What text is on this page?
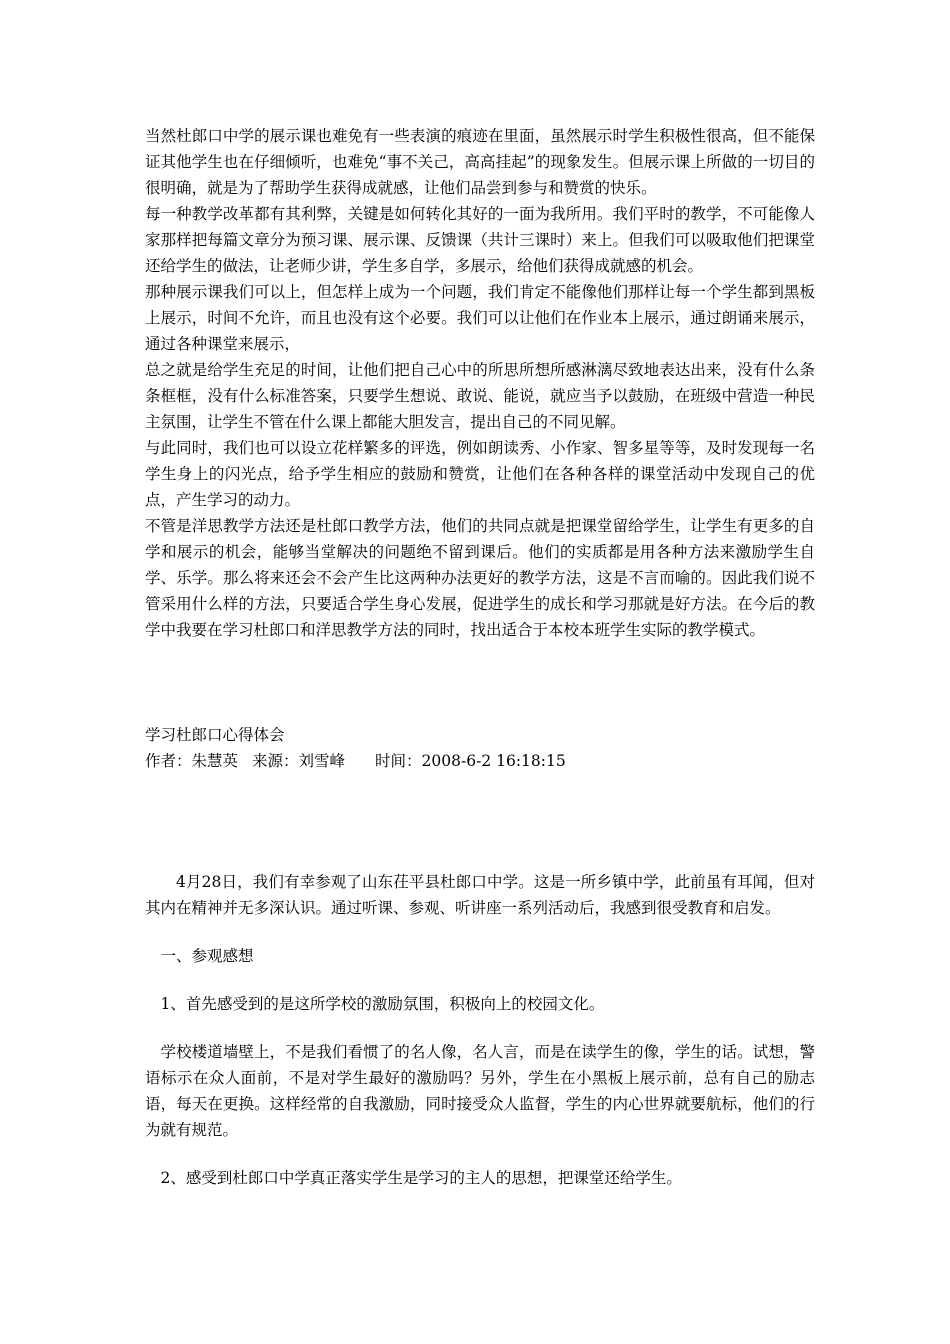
当然杜郎口中学的展示课也难免有一些表演的痕迹在里面，虽然展示时学生积极性很高，但不能保证其他学生也在仔细倾听，也难免“事不关己，高高挂起”的现象发生。但展示课上所做的一切目的很明确，就是为了帮助学生获得成就感，让他们品尝到参与和赞赏的快乐。

每一种教学改革都有其利弊，关键是如何转化其好的一面为我所用。我们平时的教学，不可能像人家那样把每篇文章分为预习课、展示课、反馈课（共计三课时）来上。但我们可以吸取他们把课堂还给学生的做法，让老师少讲，学生多自学，多展示，给他们获得成就感的机会。

那种展示课我们可以上，但怎样上成为一个问题，我们肯定不能像他们那样让每一个学生都到黑板上展示，时间不允许，而且也没有这个必要。我们可以让他们在作业本上展示，通过朗诵来展示，通过各种课堂来展示，

总之就是给学生充足的时间，让他们把自己心中的所思所想所感淋漓尽致地表达出来，没有什么条条框框，没有什么标准答案，只要学生想说、敢说、能说，就应当予以鼓励，在班级中营造一种民主氛围，让学生不管在什么课上都能大胆发言，提出自己的不同见解。

与此同时，我们也可以设立花样繁多的评选，例如朗读秀、小作家、智多星等等，及时发现每一名学生身上的闪光点，给予学生相应的鼓励和赞赏，让他们在各种各样的课堂活动中发现自己的优点，产生学习的动力。

不管是洋思教学方法还是杜郎口教学方法，他们的共同点就是把课堂留给学生，让学生有更多的自学和展示的机会，能够当堂解决的问题绝不留到课后。他们的实质都是用各种方法来激励学生自学、乐学。那么将来还会不会产生比这两种办法更好的教学方法，这是不言而喻的。因此我们说不管采用什么样的方法，只要适合学生身心发展，促进学生的成长和学习那就是好方法。在今后的教学中我要在学习杜郎口和洋思教学方法的同时，找出适合于本校本班学生实际的教学模式。

学习杜郎口心得体会

作者：朱慧英 来源：刘雪峰 时间：2008-6-2 16:18:15

4月28日，我们有幸参观了山东茌平县杜郎口中学。这是一所乡镇中学，此前虽有耳闻，但对其内在精神并无多深认识。通过听课、参观、听讲座一系列活动后，我感到很受教育和启发。

一、参观感想

1、首先感受到的是这所学校的激励氛围，积极向上的校园文化。

学校楼道墙壁上，不是我们看惯了的名人像，名人言，而是在读学生的像，学生的话。试想，警语标示在众人面前，不是对学生最好的激励吗？另外，学生在小黑板上展示前，总有自己的励志语，每天在更换。这样经常的自我激励，同时接受众人监督，学生的内心世界就要航标，他们的行为就有规范。

2、感受到杜郎口中学真正落实学生是学习的主人的思想，把课堂还给学生。
